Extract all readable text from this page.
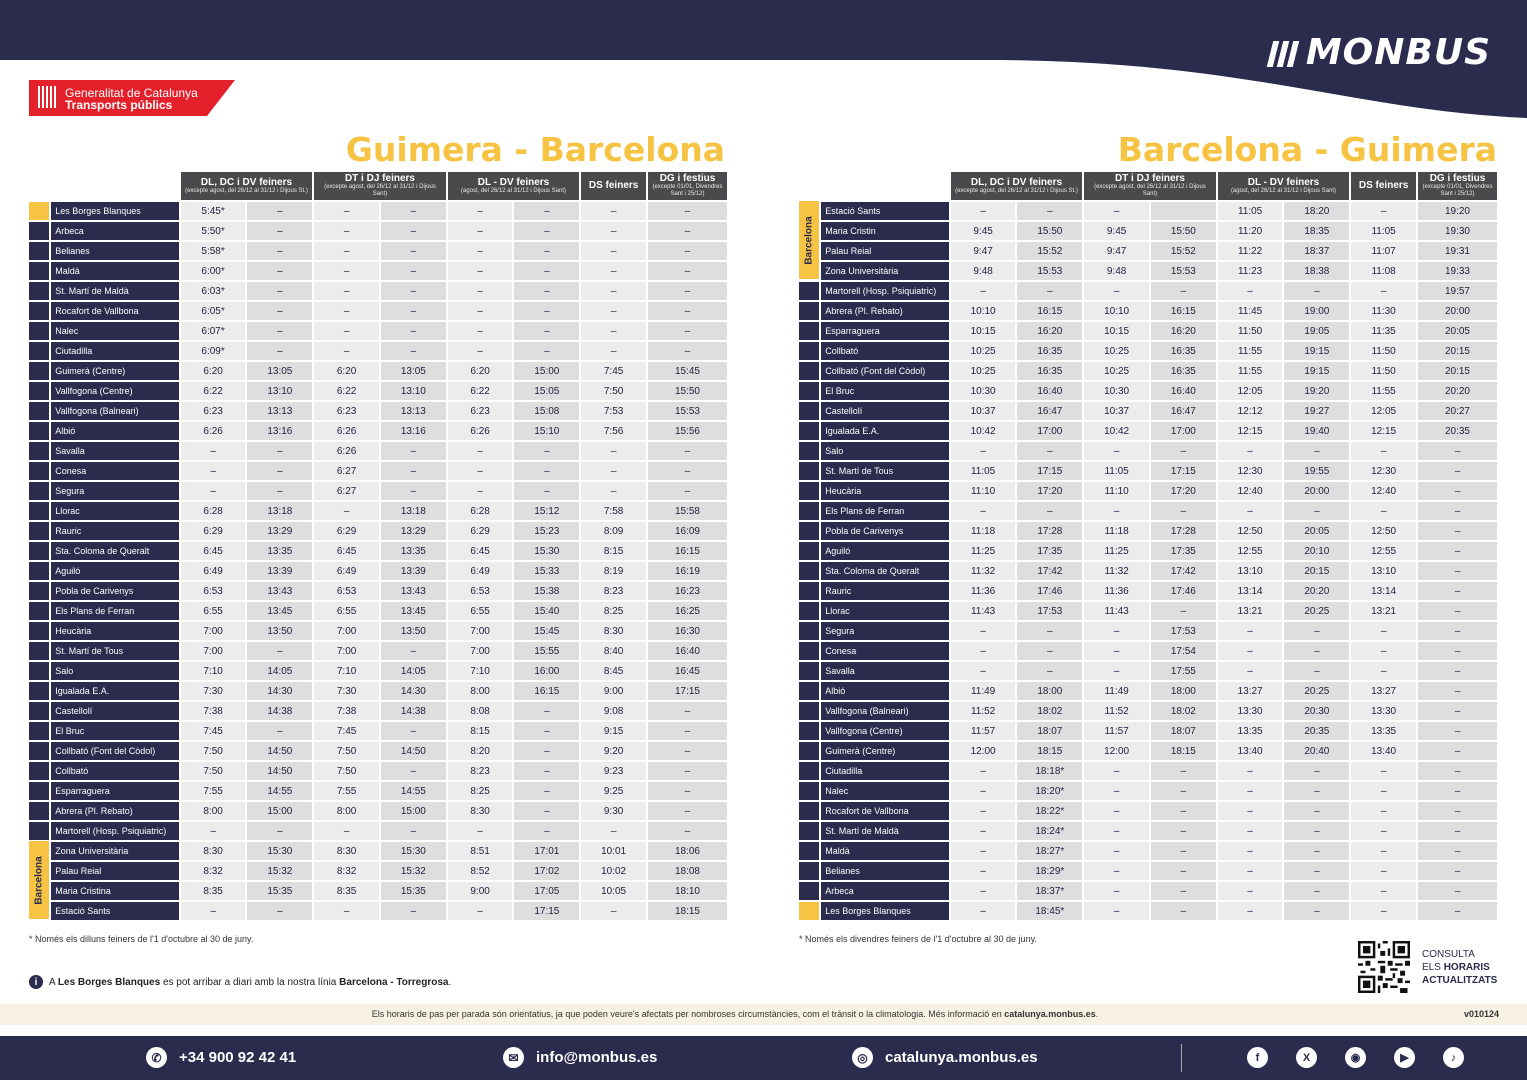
MONBUS
Generalitat de Catalunya
Transports públics
Guimera - Barcelona	Barcelona - Guimera
		DL, DC i DV feiners
(excepte agost, del 26/12 al 31/12 i Dijous St.)		DT i DJ feiners
(excepte agost, del 26/12 al 31/12 i Dijous Sant)		DL - DV feiners
(agost, del 26/12 al 31/12 i Dijous Sant)		DS feiners	DG i festius
(excepte 01/01, Divendres Sant i 25/12)

	Les Borges Blanques	5:45*	–	–	–	–	–	–	–
	Arbeca	5:50*	–	–	–	–	–	–	–
	Belianes	5:58*	–	–	–	–	–	–	–
	Maldà	6:00*	–	–	–	–	–	–	–
	St. Martí de Maldà	6:03*	–	–	–	–	–	–	–
	Rocafort de Vallbona	6:05*	–	–	–	–	–	–	–
	Nalec	6:07*	–	–	–	–	–	–	–
	Ciutadilla	6:09*	–	–	–	–	–	–	–
	Guimerà (Centre)	6:20	13:05	6:20	13:05	6:20	15:00	7:45	15:45
	Vallfogona (Centre)	6:22	13:10	6:22	13:10	6:22	15:05	7:50	15:50
	Vallfogona (Balneari)	6:23	13:13	6:23	13:13	6:23	15:08	7:53	15:53
	Albió	6:26	13:16	6:26	13:16	6:26	15:10	7:56	15:56
	Savalla	–	–	6:26	–	–	–	–	–
	Conesa	–	–	6:27	–	–	–	–	–
	Segura	–	–	6:27	–	–	–	–	–
	Llorac	6:28	13:18	–	13:18	6:28	15:12	7:58	15:58
	Rauric	6:29	13:29	6:29	13:29	6:29	15:23	8:09	16:09
	Sta. Coloma de Queralt	6:45	13:35	6:45	13:35	6:45	15:30	8:15	16:15
	Aguiló	6:49	13:39	6:49	13:39	6:49	15:33	8:19	16:19
	Pobla de Carivenys	6:53	13:43	6:53	13:43	6:53	15:38	8:23	16:23
	Els Plans de Ferran	6:55	13:45	6:55	13:45	6:55	15:40	8:25	16:25
	Heucària	7:00	13:50	7:00	13:50	7:00	15:45	8:30	16:30
	St. Martí de Tous	7:00	–	7:00	–	7:00	15:55	8:40	16:40
	Salo	7:10	14:05	7:10	14:05	7:10	16:00	8:45	16:45
	Igualada E.A.	7:30	14:30	7:30	14:30	8:00	16:15	9:00	17:15
	Castellolí	7:38	14:38	7:38	14:38	8:08	–	9:08	–
	El Bruc	7:45	–	7:45	–	8:15	–	9:15	–
	Collbató (Font del Còdol)	7:50	14:50	7:50	14:50	8:20	–	9:20	–
	Collbató	7:50	14:50	7:50	–	8:23	–	9:23	–
	Esparraguera	7:55	14:55	7:55	14:55	8:25	–	9:25	–
	Abrera (Pl. Rebato)	8:00	15:00	8:00	15:00	8:30	–	9:30	–
	Martorell (Hosp. Psiquiatric)	–	–	–	–	–	–	–	–
	Zona Universitària	8:30	15:30	8:30	15:30	8:51	17:01	10:01	18:06
	Palau Reial	8:32	15:32	8:32	15:32	8:52	17:02	10:02	18:08
	Maria Cristina	8:35	15:35	8:35	15:35	9:00	17:05	10:05	18:10
	Estació Sants	–	–	–	–	–	17:15	–	18:15
		DL, DC i DV feiners
(excepte agost, del 26/12 al 31/12 i Dijous St.)		DT i DJ feiners
(excepte agost, del 26/12 al 31/12 i Dijous Sant)		DL - DV feiners
(agost, del 26/12 al 31/12 i Dijous Sant)		DS feiners	DG i festius
(excepte 01/01, Divendres Sant i 25/12)

	Estació Sants	–	–	–		11:05	18:20	–	19:20
	Maria Cristin	9:45	15:50	9:45	15:50	11:20	18:35	11:05	19:30
	Palau Reial	9:47	15:52	9:47	15:52	11:22	18:37	11:07	19:31
	Zona Universitària	9:48	15:53	9:48	15:53	11:23	18:38	11:08	19:33
	Martorell (Hosp. Psiquiatric)	–	–	–	–	–	–	–	19:57
	Abrera (Pl. Rebato)	10:10	16:15	10:10	16:15	11:45	19:00	11:30	20:00
	Esparraguera	10:15	16:20	10:15	16:20	11:50	19:05	11:35	20:05
	Collbató	10:25	16:35	10:25	16:35	11:55	19:15	11:50	20:15
	Collbató (Font del Còdol)	10:25	16:35	10:25	16:35	11:55	19:15	11:50	20:15
	El Bruc	10:30	16:40	10:30	16:40	12:05	19:20	11:55	20:20
	Castellolí	10:37	16:47	10:37	16:47	12:12	19:27	12:05	20:27
	Igualada E.A.	10:42	17:00	10:42	17:00	12:15	19:40	12:15	20:35
	Salo	–	–	–	–	–	–	–	–
	St. Martí de Tous	11:05	17:15	11:05	17:15	12:30	19:55	12:30	–
	Heucària	11:10	17:20	11:10	17:20	12:40	20:00	12:40	–
	Els Plans de Ferran	–	–	–	–	–	–	–	–
	Pobla de Carivenys	11:18	17:28	11:18	17:28	12:50	20:05	12:50	–
	Aguiló	11:25	17:35	11:25	17:35	12:55	20:10	12:55	–
	Sta. Coloma de Queralt	11:32	17:42	11:32	17:42	13:10	20:15	13:10	–
	Rauric	11:36	17:46	11:36	17:46	13:14	20:20	13:14	–
	Llorac	11:43	17:53	11:43	–	13:21	20:25	13:21	–
	Segura	–	–	–	17:53	–	–	–	–
	Conesa	–	–	–	17:54	–	–	–	–
	Savalla	–	–	–	17:55	–	–	–	–
	Albió	11:49	18:00	11:49	18:00	13:27	20:25	13:27	–
	Vallfogona (Balneari)	11:52	18:02	11:52	18:02	13:30	20:30	13:30	–
	Vallfogona (Centre)	11:57	18:07	11:57	18:07	13:35	20:35	13:35	–
	Guimerà (Centre)	12:00	18:15	12:00	18:15	13:40	20:40	13:40	–
	Ciutadilla	–	18:18*	–	–	–	–	–	–
	Nalec	–	18:20*	–	–	–	–	–	–
	Rocafort de Vallbona	–	18:22*	–	–	–	–	–	–
	St. Martí de Maldà	–	18:24*	–	–	–	–	–	–
	Maldà	–	18:27*	–	–	–	–	–	–
	Belianes	–	18:29*	–	–	–	–	–	–
	Arbeca	–	18:37*	–	–	–	–	–	–
	Les Borges Blanques	–	18:45*	–	–	–	–	–	–
Barcelona
Barcelona
* Només els dilluns feiners de l'1 d'octubre al 30 de juny.	* Només els divendres feiners de l'1 d'octubre al 30 de juny.
i	A Les Borges Blanques es pot arribar a diari amb la nostra línia Barcelona - Torregrosa.
CONSULTA
ELS HORARIS
ACTUALITZATS
Els horaris de pas per parada són orientatius, ja que poden veure's afectats per nombroses circumstàncies, com el trànsit o la climatologia. Més informació en catalunya.monbus.es.	v010124
✆	+34 900 92 42 41	✉	info@monbus.es	◎	catalunya.monbus.es	f	X	◉	▶	♪
